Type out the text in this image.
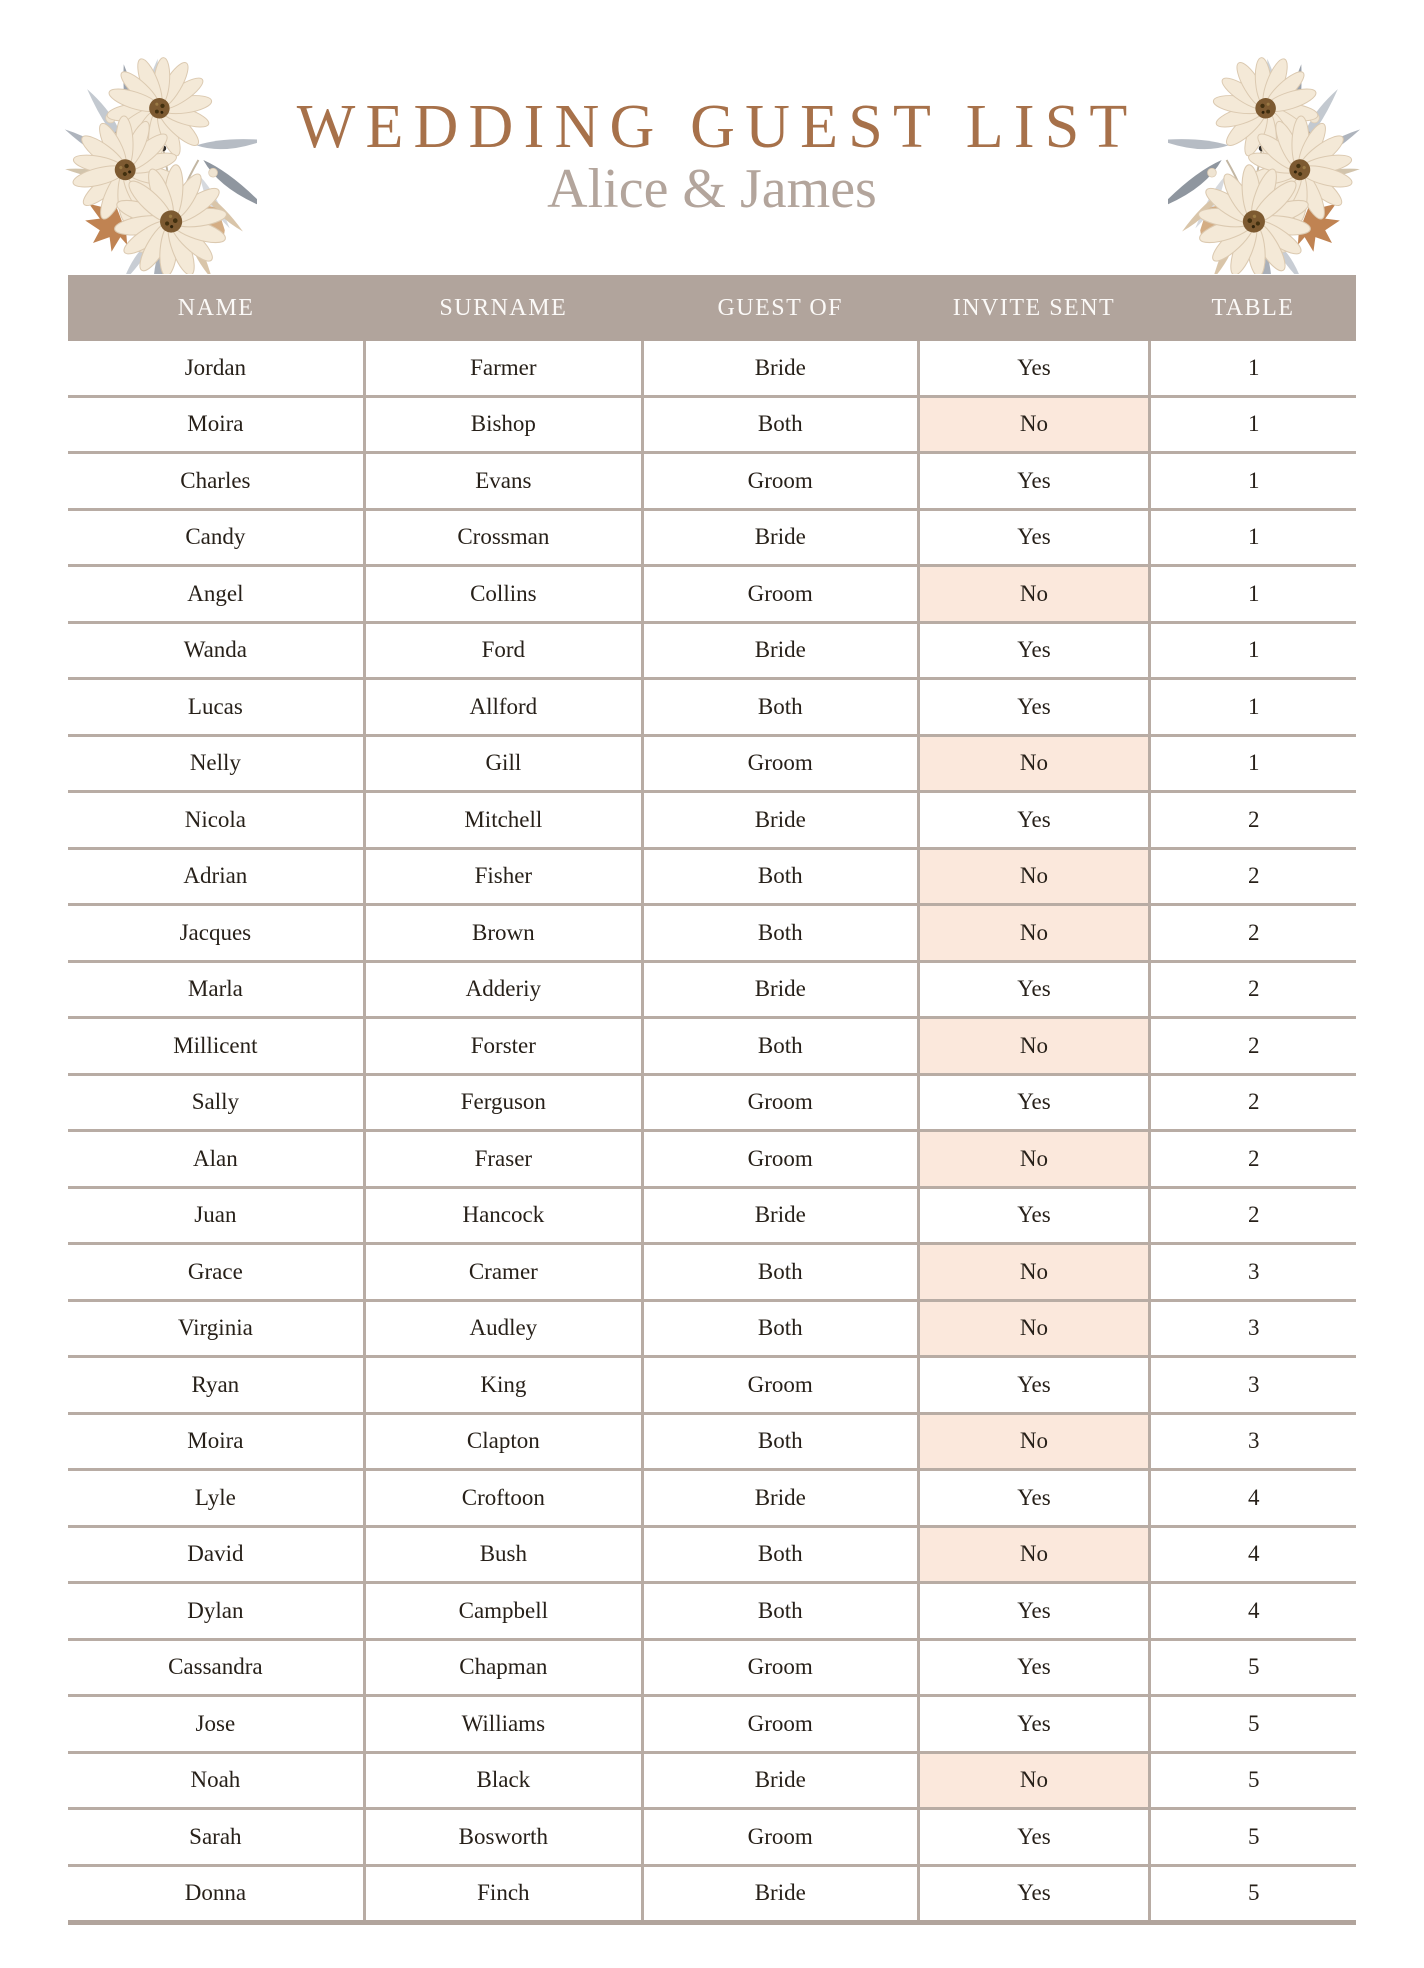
WEDDING GUEST LIST
Alice & James
NAME	SURNAME	GUEST OF	INVITE SENT	TABLE
Jordan	Farmer	Bride	Yes	1
Moira	Bishop	Both	No	1
Charles	Evans	Groom	Yes	1
Candy	Crossman	Bride	Yes	1
Angel	Collins	Groom	No	1
Wanda	Ford	Bride	Yes	1
Lucas	Allford	Both	Yes	1
Nelly	Gill	Groom	No	1
Nicola	Mitchell	Bride	Yes	2
Adrian	Fisher	Both	No	2
Jacques	Brown	Both	No	2
Marla	Adderiy	Bride	Yes	2
Millicent	Forster	Both	No	2
Sally	Ferguson	Groom	Yes	2
Alan	Fraser	Groom	No	2
Juan	Hancock	Bride	Yes	2
Grace	Cramer	Both	No	3
Virginia	Audley	Both	No	3
Ryan	King	Groom	Yes	3
Moira	Clapton	Both	No	3
Lyle	Croftoon	Bride	Yes	4
David	Bush	Both	No	4
Dylan	Campbell	Both	Yes	4
Cassandra	Chapman	Groom	Yes	5
Jose	Williams	Groom	Yes	5
Noah	Black	Bride	No	5
Sarah	Bosworth	Groom	Yes	5
Donna	Finch	Bride	Yes	5
